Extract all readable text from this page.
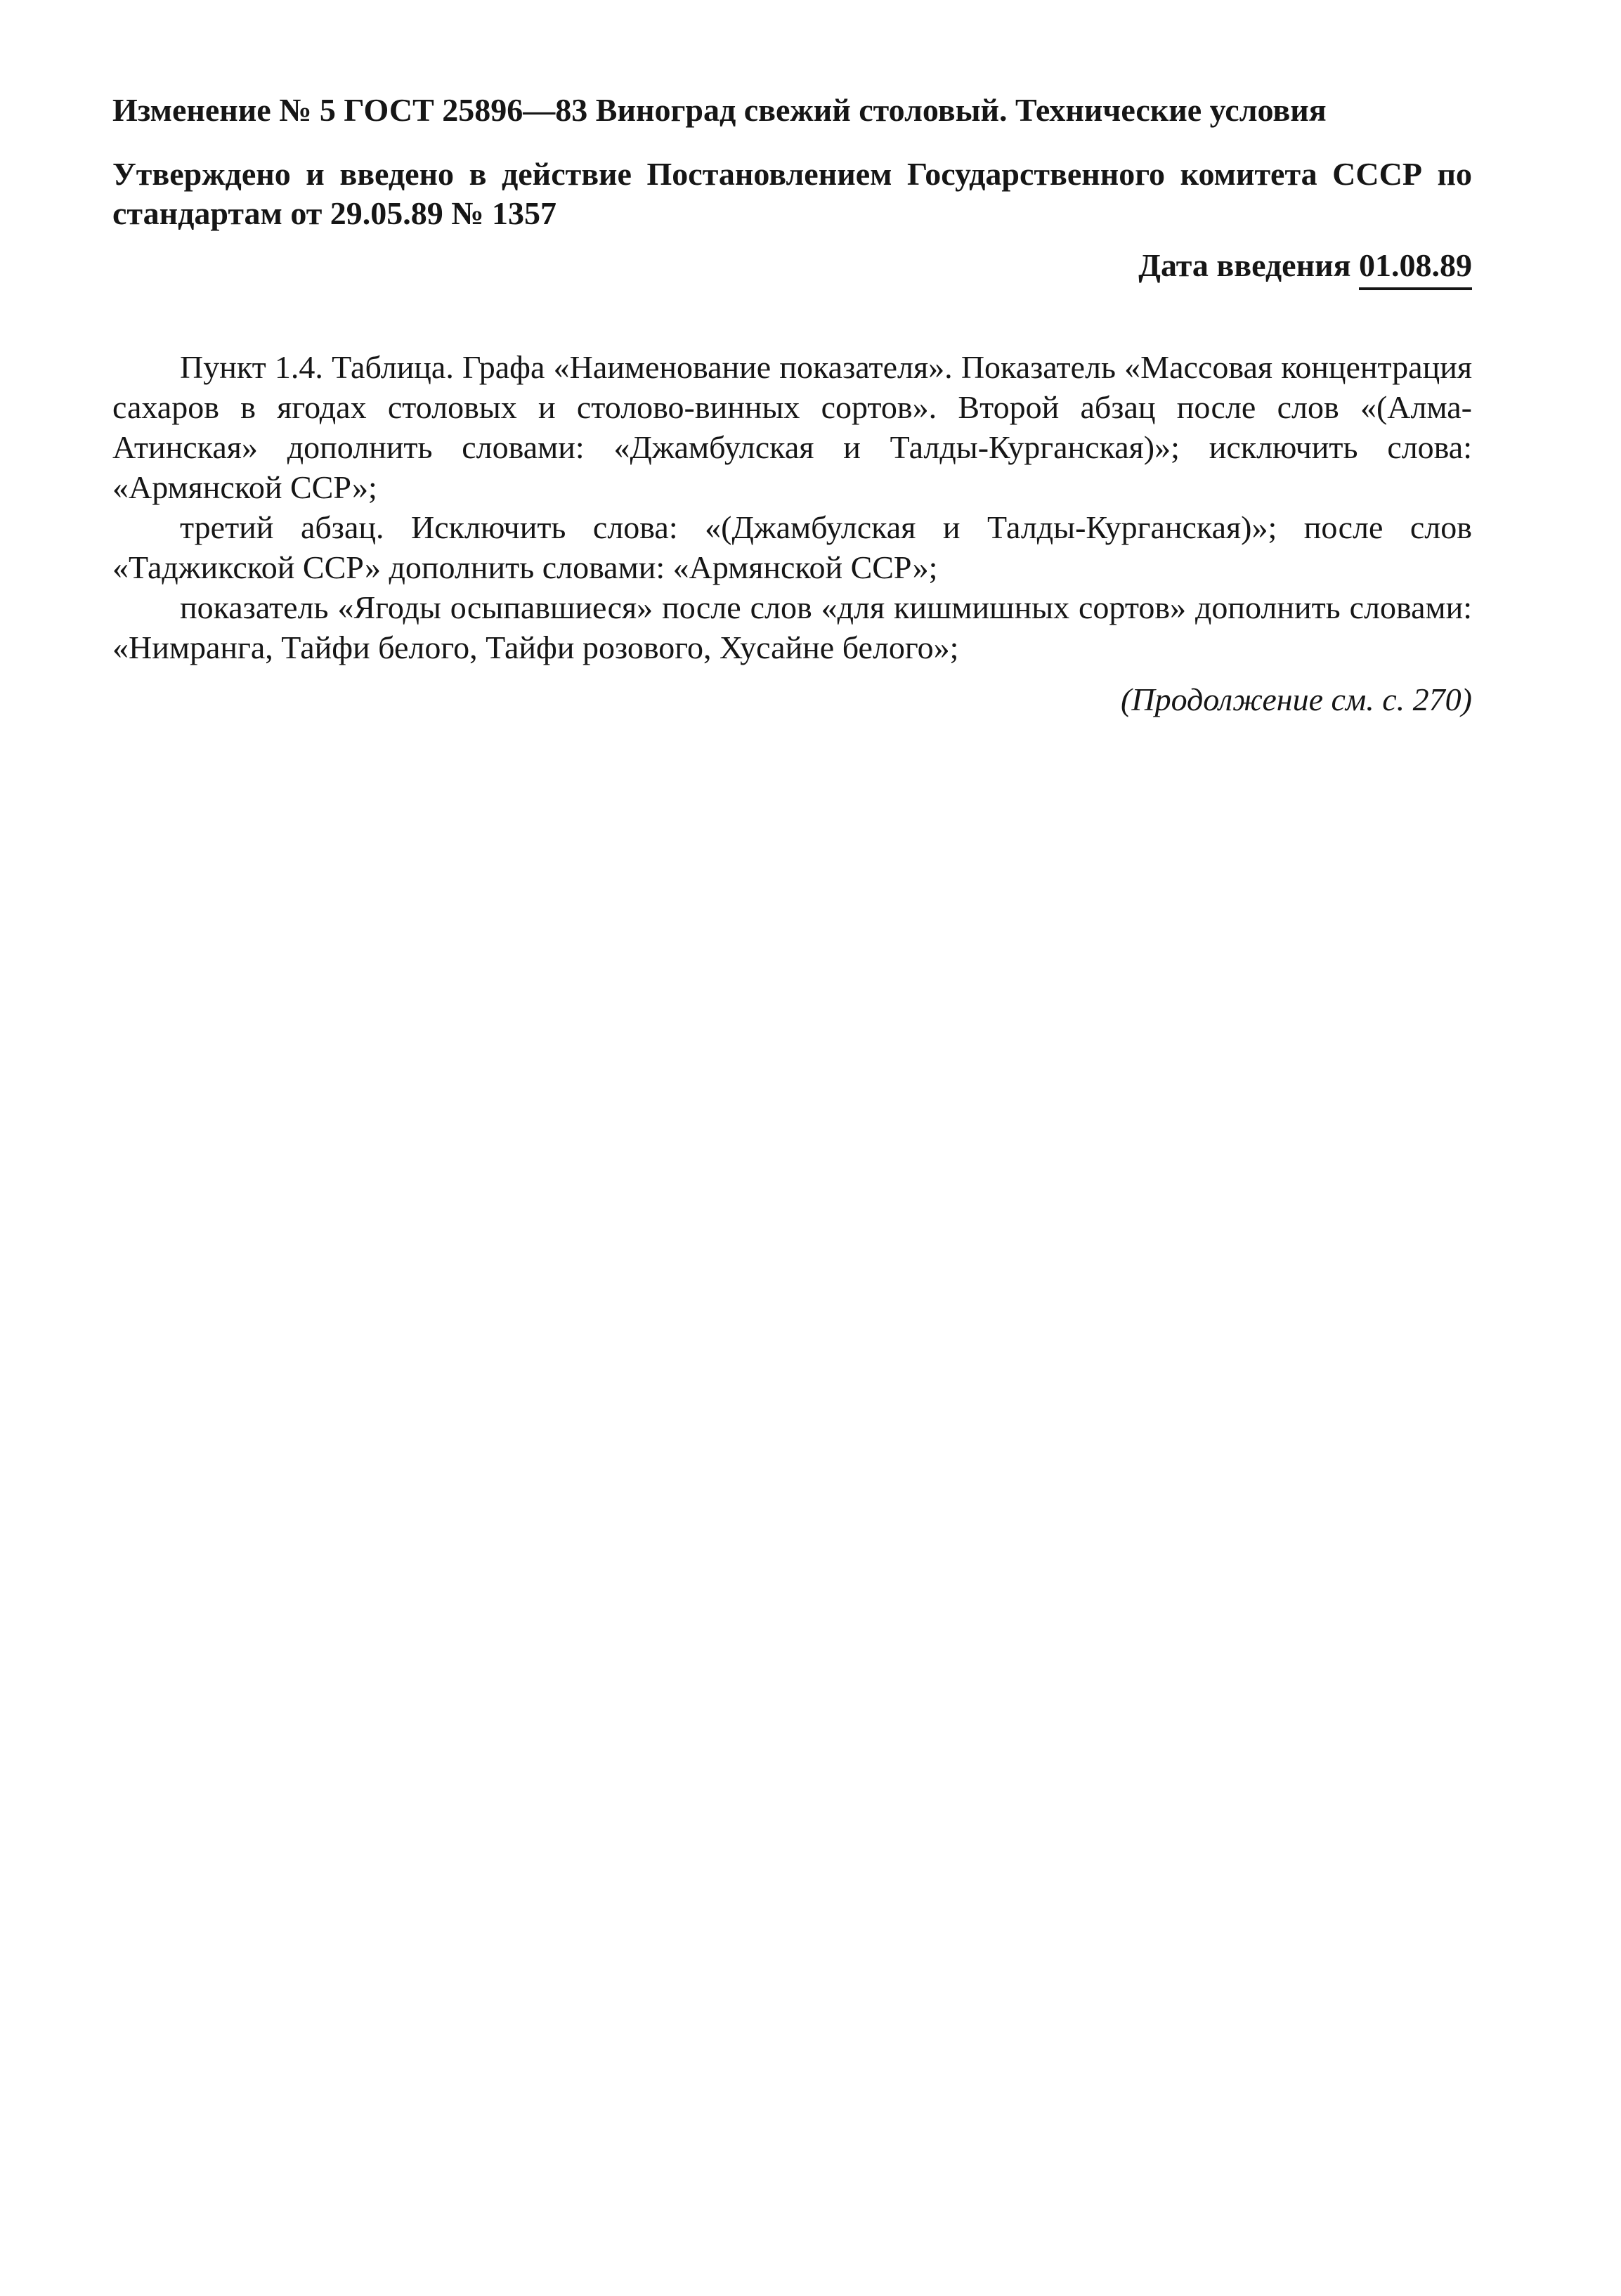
Изменение № 5 ГОСТ 25896—83 Виноград свежий столовый. Технические условия

Утверждено и введено в действие Постановлением Государственного комитета СССР по стандартам от 29.05.89 № 1357

Дата введения 01.08.89

Пункт 1.4. Таблица. Графа «Наименование показателя». Показатель «Массовая концентрация сахаров в ягодах столовых и столово-винных сортов». Второй абзац после слов «(Алма-Атинская» дополнить словами: «Джамбулская и Талды-Курганская)»; исключить слова: «Армянской ССР»;

третий абзац. Исключить слова: «(Джамбулская и Талды-Курганская)»; после слов «Таджикской ССР» дополнить словами: «Армянской ССР»;

показатель «Ягоды осыпавшиеся» после слов «для кишмишных сортов» дополнить словами: «Нимранга, Тайфи белого, Тайфи розового, Хусайне белого»;

(Продолжение см. с. 270)
